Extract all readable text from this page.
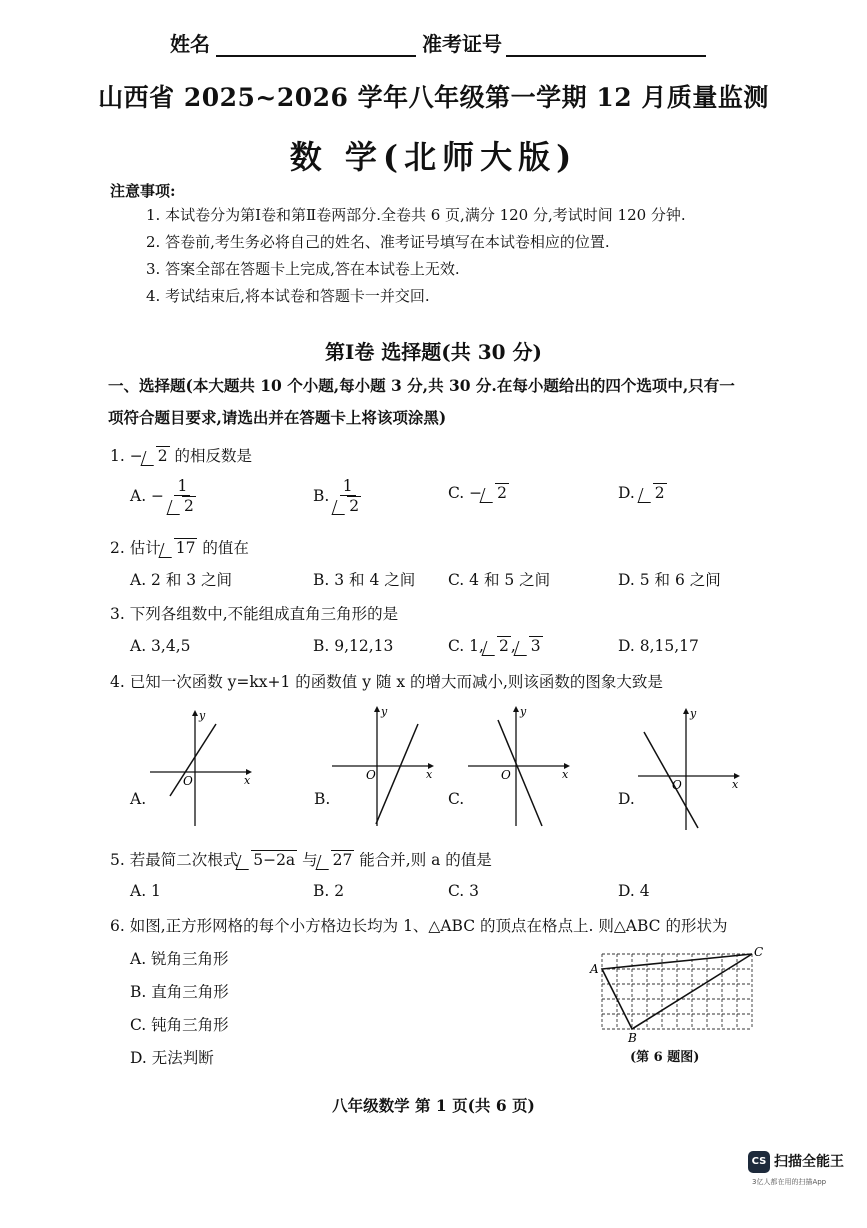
姓名	准考证号
山西省 2025~2026 学年八年级第一学期 12 月质量监测
数 学(北师大版)
注意事项:
1. 本试卷分为第Ⅰ卷和第Ⅱ卷两部分.全卷共 6 页,满分 120 分,考试时间 120 分钟.
2. 答卷前,考生务必将自己的姓名、准考证号填写在本试卷相应的位置.
3. 答案全部在答题卡上完成,答在本试卷上无效.
4. 考试结束后,将本试卷和答题卡一并交回.
第Ⅰ卷 选择题(共 30 分)
一、选择题(本大题共 10 个小题,每小题 3 分,共 30 分.在每小题给出的四个选项中,只有一
项符合题目要求,请选出并在答题卡上将该项涂黑)
1. − 2 的相反数是
A. − $\frac{1}{2}$	B. $\frac{1}{2}$	C. − 2	D. 2
2. 估计 17 的值在
A. 2 和 3 之间	B. 3 和 4 之间 C. 4 和 5 之间	D. 5 和 6 之间
3. 下列各组数中,不能组成直角三角形的是
A. 3,4,5	B. 9,12,13	C. 1, 2 , 3	D. 8,15,17
4. 已知一次函数 y=kx+1 的函数值 y 随 x 的增大而减小,则该函数的图象大致是
x
y
O
A.
x
y
O
B.
x
y
O
C.
x
y
O
D.
5. 若最简二次根式 5−2a 与 27 能合并,则 a 的值是
A. 1	B. 2	C. 3	D. 4
6. 如图,正方形网格的每个小方格边长均为 1、△ABC 的顶点在格点上. 则△ABC 的形状为
A. 锐角三角形
B. 直角三角形
C. 钝角三角形
D. 无法判断
A
C
B
(第 6 题图)
八年级数学 第 1 页(共 6 页)
CS 扫描全能王
3亿人都在用的扫描App
